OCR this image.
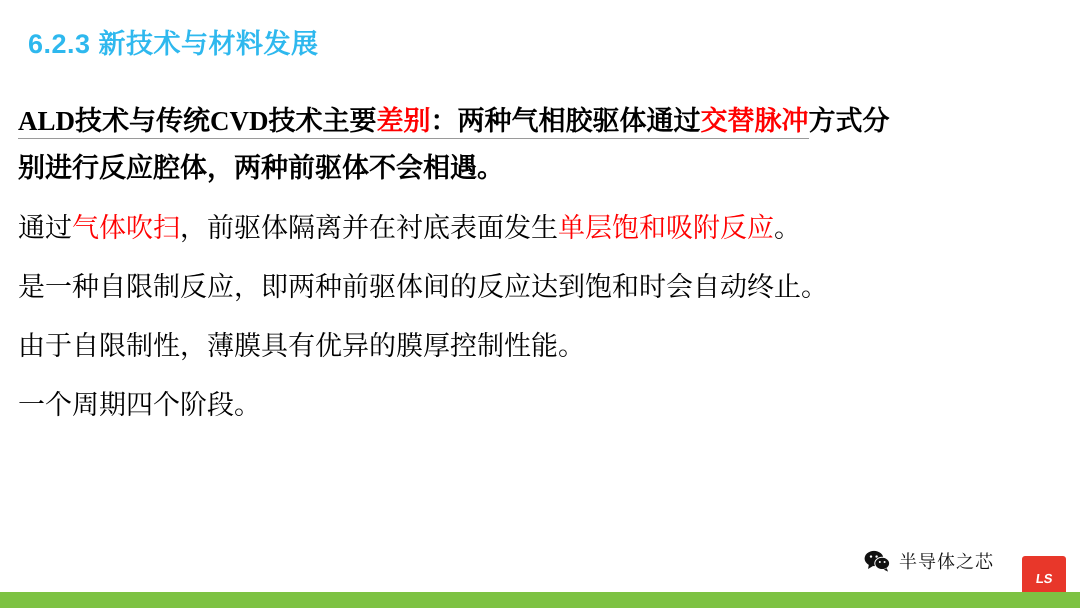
6.2.3 新技术与材料发展

ALD技术与传统CVD技术主要差别：两种气相胶驱体通过交替脉冲方式分

别进行反应腔体，两种前驱体不会相遇。

通过气体吹扫，前驱体隔离并在衬底表面发生单层饱和吸附反应。

是一种自限制反应，即两种前驱体间的反应达到饱和时会自动终止。

由于自限制性，薄膜具有优异的膜厚控制性能。

一个周期四个阶段。

半导体之芯
LS
